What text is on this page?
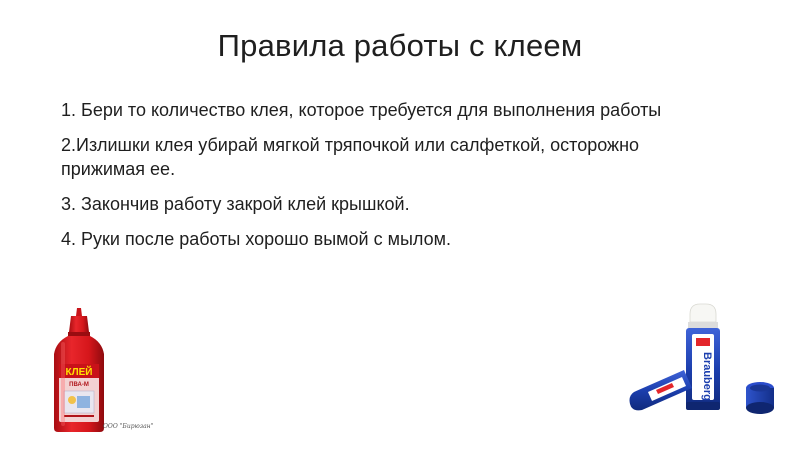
Правила работы с клеем
1. Бери то количество клея, которое требуется для выполнения работы
2.Излишки клея убирай мягкой тряпочкой или салфеткой, осторожно прижимая ее.
3. Закончив работу закрой клей крышкой.
4. Руки после работы хорошо вымой с мылом.
КЛЕЙ
ПВА-М
ООО "Бирюзан"
Brauberg
